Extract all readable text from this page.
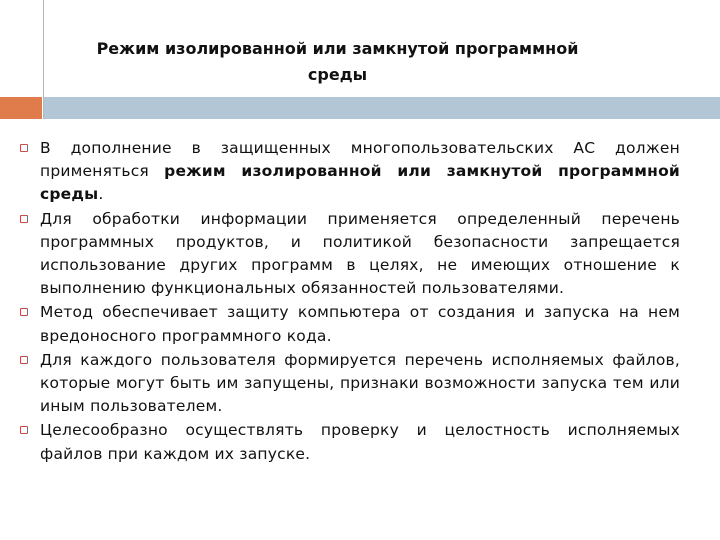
Режим изолированной или замкнутой программной
среды
В дополнение в защищенных многопользовательских АС должен применяться режим изолированной или замкнутой программной среды.
Для обработки информации применяется определенный перечень программных продуктов, и политикой безопасности запрещается использование других программ в целях, не имеющих отношение к выполнению функциональных обязанностей пользователями.
Метод обеспечивает защиту компьютера от создания и запуска на нем вредоносного программного кода.
Для каждого пользователя формируется перечень исполняемых файлов, которые могут быть им запущены, признаки возможности запуска тем или иным пользователем.
Целесообразно осуществлять проверку и целостность исполняемых файлов при каждом их запуске.
